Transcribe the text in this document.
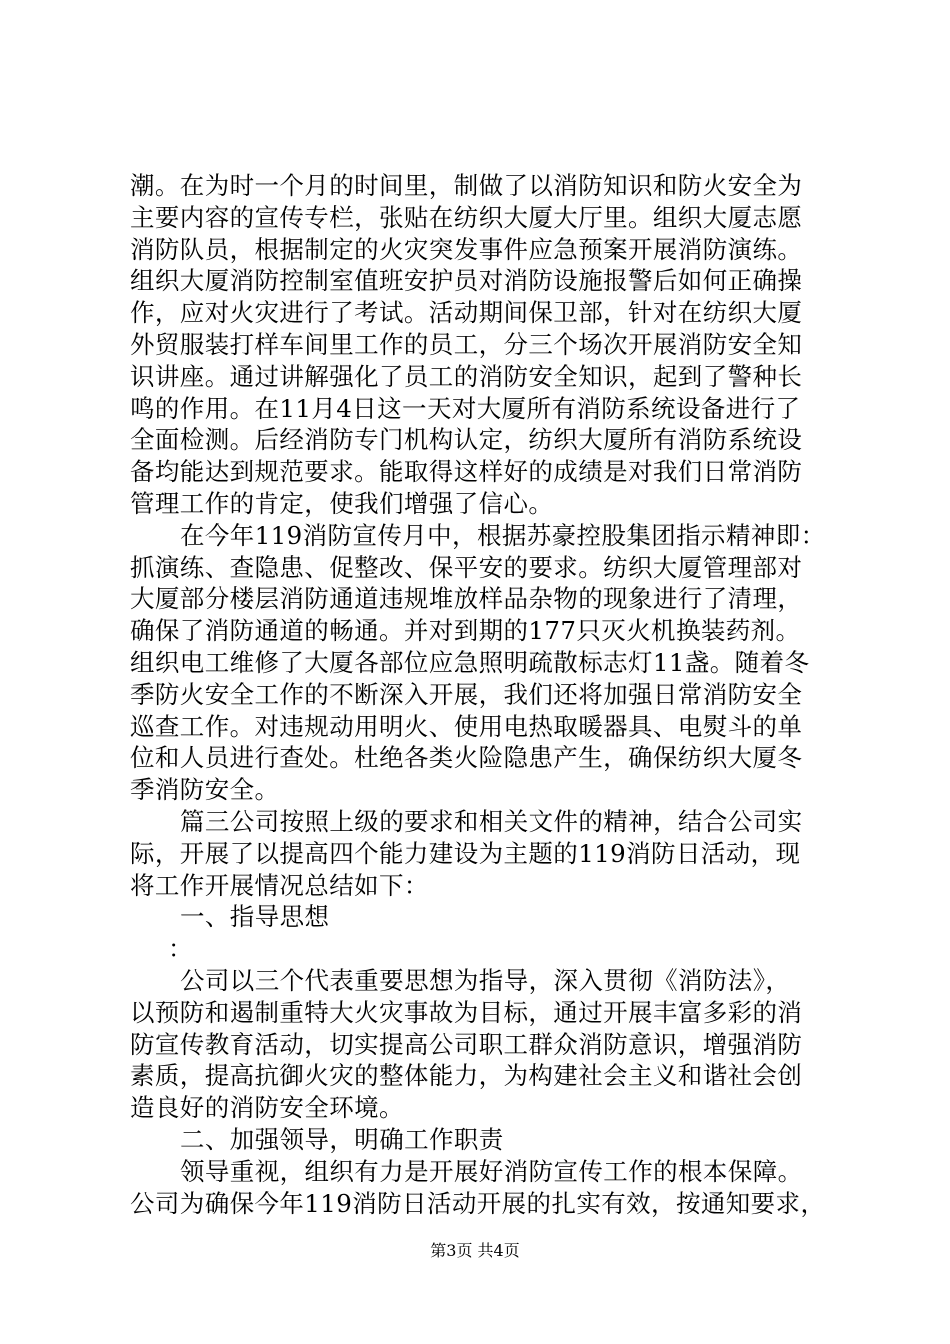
潮。在为时一个月的时间里，制做了以消防知识和防火安全为
主要内容的宣传专栏，张贴在纺织大厦大厅里。组织大厦志愿
消防队员，根据制定的火灾突发事件应急预案开展消防演练。
组织大厦消防控制室值班安护员对消防设施报警后如何正确操
作，应对火灾进行了考试。活动期间保卫部，针对在纺织大厦
外贸服装打样车间里工作的员工，分三个场次开展消防安全知
识讲座。通过讲解强化了员工的消防安全知识，起到了警种长
鸣的作用。在11月4日这一天对大厦所有消防系统设备进行了
全面检测。后经消防专门机构认定，纺织大厦所有消防系统设
备均能达到规范要求。能取得这样好的成绩是对我们日常消防
管理工作的肯定，使我们增强了信心。
在今年119消防宣传月中，根据苏豪控股集团指示精神即：
抓演练、查隐患、促整改、保平安的要求。纺织大厦管理部对
大厦部分楼层消防通道违规堆放样品杂物的现象进行了清理，
确保了消防通道的畅通。并对到期的177只灭火机换装药剂。
组织电工维修了大厦各部位应急照明疏散标志灯11盏。随着冬
季防火安全工作的不断深入开展，我们还将加强日常消防安全
巡查工作。对违规动用明火、使用电热取暖器具、电熨斗的单
位和人员进行查处。杜绝各类火险隐患产生，确保纺织大厦冬
季消防安全。
篇三公司按照上级的要求和相关文件的精神，结合公司实
际，开展了以提高四个能力建设为主题的119消防日活动，现
将工作开展情况总结如下：
一、指导思想
：
公司以三个代表重要思想为指导，深入贯彻《消防法》，
以预防和遏制重特大火灾事故为目标，通过开展丰富多彩的消
防宣传教育活动，切实提高公司职工群众消防意识，增强消防
素质，提高抗御火灾的整体能力，为构建社会主义和谐社会创
造良好的消防安全环境。
二、加强领导，明确工作职责
领导重视，组织有力是开展好消防宣传工作的根本保障。
公司为确保今年119消防日活动开展的扎实有效，按通知要求，
第3页 共4页
